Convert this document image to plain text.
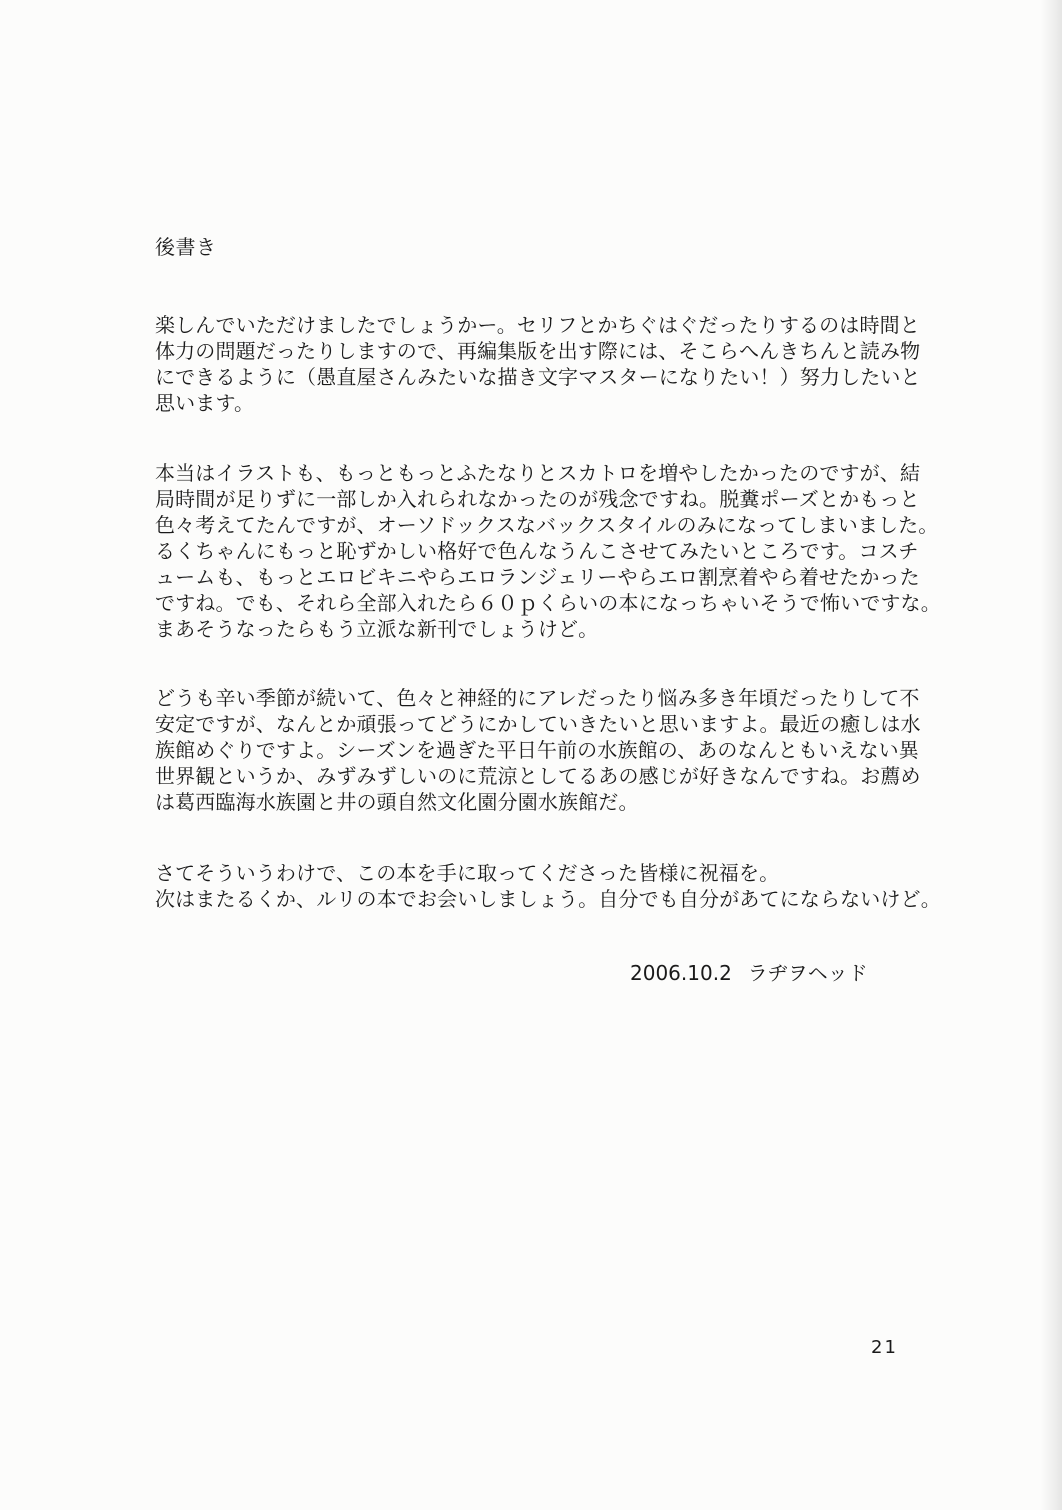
後書き
楽しんでいただけましたでしょうかー。セリフとかちぐはぐだったりするのは時間と
体力の問題だったりしますので、再編集版を出す際には、そこらへんきちんと読み物
にできるように（愚直屋さんみたいな描き文字マスターになりたい！）努力したいと
思います。
本当はイラストも、もっともっとふたなりとスカトロを増やしたかったのですが、結
局時間が足りずに一部しか入れられなかったのが残念ですね。脱糞ポーズとかもっと
色々考えてたんですが、オーソドックスなバックスタイルのみになってしまいました。
るくちゃんにもっと恥ずかしい格好で色んなうんこさせてみたいところです。コスチ
ュームも、もっとエロビキニやらエロランジェリーやらエロ割烹着やら着せたかった
ですね。でも、それら全部入れたら６０ｐくらいの本になっちゃいそうで怖いですな。
まあそうなったらもう立派な新刊でしょうけど。
どうも辛い季節が続いて、色々と神経的にアレだったり悩み多き年頃だったりして不
安定ですが、なんとか頑張ってどうにかしていきたいと思いますよ。最近の癒しは水
族館めぐりですよ。シーズンを過ぎた平日午前の水族館の、あのなんともいえない異
世界観というか、みずみずしいのに荒涼としてるあの感じが好きなんですね。お薦め
は葛西臨海水族園と井の頭自然文化園分園水族館だ。
さてそういうわけで、この本を手に取ってくださった皆様に祝福を。
次はまたるくか、ルリの本でお会いしましょう。自分でも自分があてにならないけど。
2006.10.2 ラヂヲヘッド
21
